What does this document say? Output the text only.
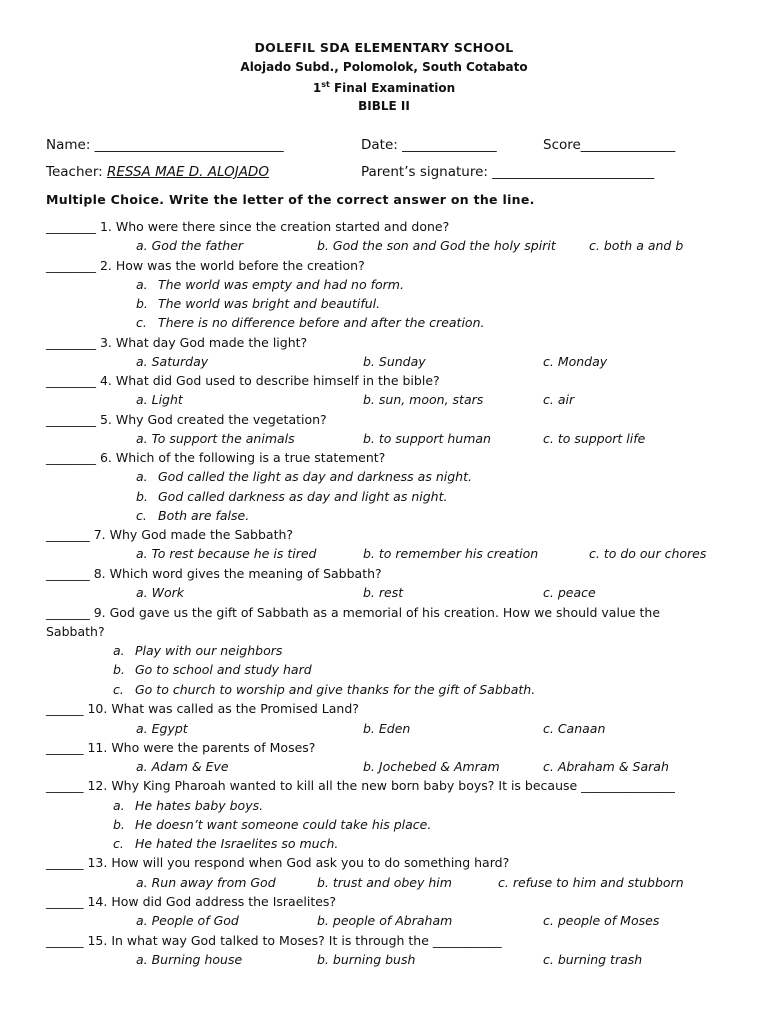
DOLEFIL SDA ELEMENTARY SCHOOL
Alojado Subd., Polomolok, South Cotabato
1st Final Examination
BIBLE II
Name: ____________________________	Date: ______________	Score______________
Teacher: RESSA MAE D. ALOJADO	Parent’s signature: ________________________
Multiple Choice. Write the letter of the correct answer on the line.
________ 1. Who were there since the creation started and done?
a. God the father	b. God the son and God the holy spirit	c. both a and b
________ 2. How was the world before the creation?
a. The world was empty and had no form.
b. The world was bright and beautiful.
c. There is no difference before and after the creation.
________ 3. What day God made the light?
a. Saturday	b. Sunday	c. Monday
________ 4. What did God used to describe himself in the bible?
a. Light	b. sun, moon, stars	c. air
________ 5. Why God created the vegetation?
a. To support the animals	b. to support human	c. to support life
________ 6. Which of the following is a true statement?
a. God called the light as day and darkness as night.
b. God called darkness as day and light as night.
c. Both are false.
_______ 7. Why God made the Sabbath?
a. To rest because he is tired	b. to remember his creation	c. to do our chores
_______ 8. Which word gives the meaning of Sabbath?
a. Work	b. rest	c. peace
_______ 9. God gave us the gift of Sabbath as a memorial of his creation. How we should value the
Sabbath?
a. Play with our neighbors
b. Go to school and study hard
c. Go to church to worship and give thanks for the gift of Sabbath.
______ 10. What was called as the Promised Land?
a. Egypt	b. Eden	c. Canaan
______ 11. Who were the parents of Moses?
a. Adam & Eve	b. Jochebed & Amram	c. Abraham & Sarah
______ 12. Why King Pharoah wanted to kill all the new born baby boys? It is because _______________
a. He hates baby boys.
b. He doesn’t want someone could take his place.
c. He hated the Israelites so much.
______ 13. How will you respond when God ask you to do something hard?
a. Run away from God	b. trust and obey him	c. refuse to him and stubborn
______ 14. How did God address the Israelites?
a. People of God	b. people of Abraham	c. people of Moses
______ 15. In what way God talked to Moses? It is through the ___________
a. Burning house	b. burning bush	c. burning trash
